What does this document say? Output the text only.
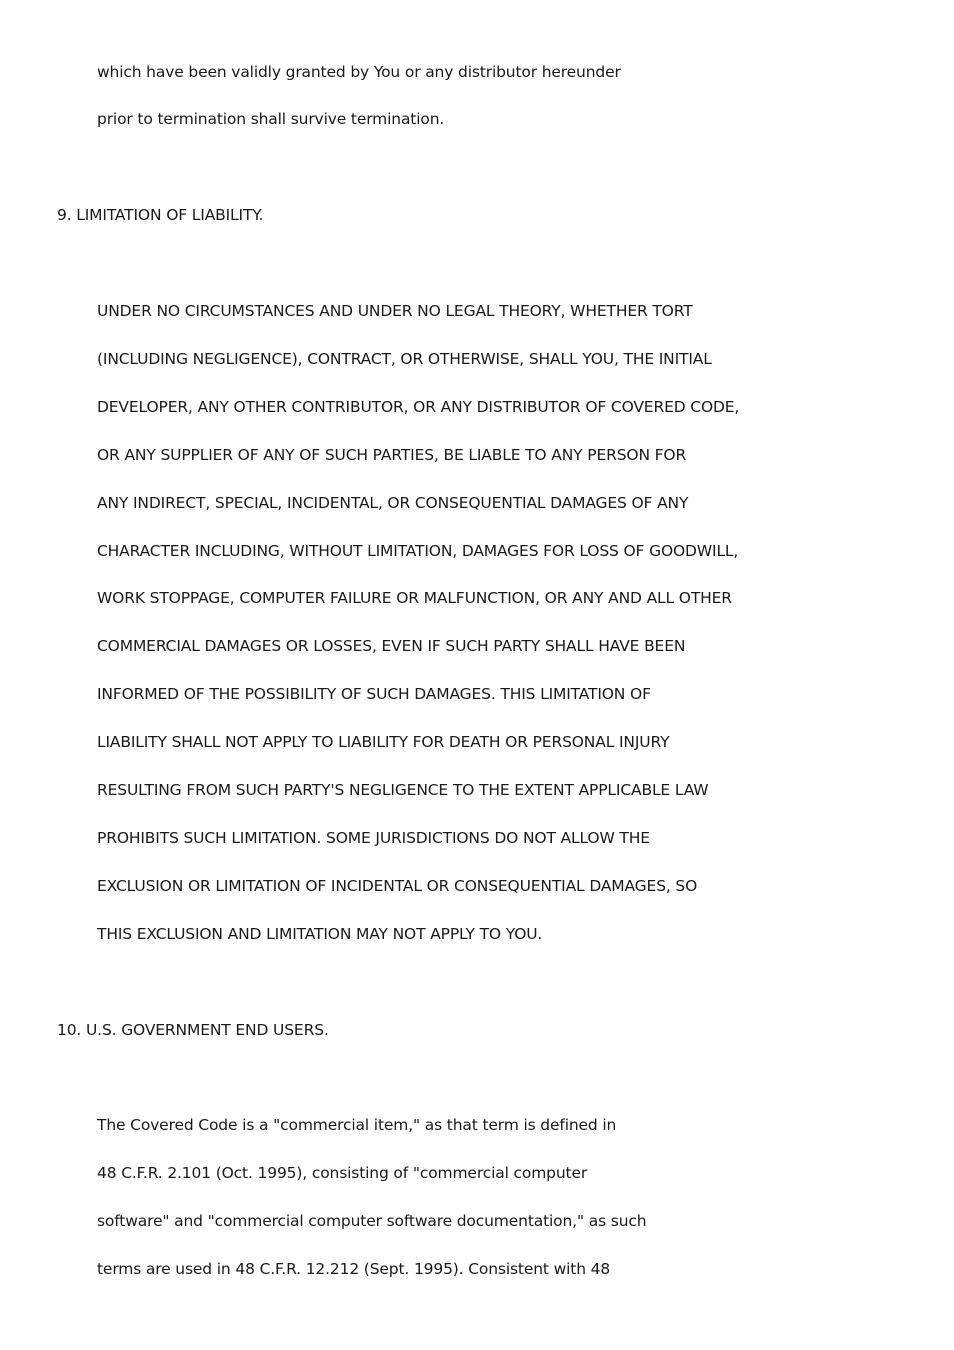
which have been validly granted by You or any distributor hereunder
prior to termination shall survive termination.
9. LIMITATION OF LIABILITY.
UNDER NO CIRCUMSTANCES AND UNDER NO LEGAL THEORY, WHETHER TORT
(INCLUDING NEGLIGENCE), CONTRACT, OR OTHERWISE, SHALL YOU, THE INITIAL
DEVELOPER, ANY OTHER CONTRIBUTOR, OR ANY DISTRIBUTOR OF COVERED CODE,
OR ANY SUPPLIER OF ANY OF SUCH PARTIES, BE LIABLE TO ANY PERSON FOR
ANY INDIRECT, SPECIAL, INCIDENTAL, OR CONSEQUENTIAL DAMAGES OF ANY
CHARACTER INCLUDING, WITHOUT LIMITATION, DAMAGES FOR LOSS OF GOODWILL,
WORK STOPPAGE, COMPUTER FAILURE OR MALFUNCTION, OR ANY AND ALL OTHER
COMMERCIAL DAMAGES OR LOSSES, EVEN IF SUCH PARTY SHALL HAVE BEEN
INFORMED OF THE POSSIBILITY OF SUCH DAMAGES. THIS LIMITATION OF
LIABILITY SHALL NOT APPLY TO LIABILITY FOR DEATH OR PERSONAL INJURY
RESULTING FROM SUCH PARTY'S NEGLIGENCE TO THE EXTENT APPLICABLE LAW
PROHIBITS SUCH LIMITATION. SOME JURISDICTIONS DO NOT ALLOW THE
EXCLUSION OR LIMITATION OF INCIDENTAL OR CONSEQUENTIAL DAMAGES, SO
THIS EXCLUSION AND LIMITATION MAY NOT APPLY TO YOU.
10. U.S. GOVERNMENT END USERS.
The Covered Code is a "commercial item," as that term is defined in
48 C.F.R. 2.101 (Oct. 1995), consisting of "commercial computer
software" and "commercial computer software documentation," as such
terms are used in 48 C.F.R. 12.212 (Sept. 1995). Consistent with 48
